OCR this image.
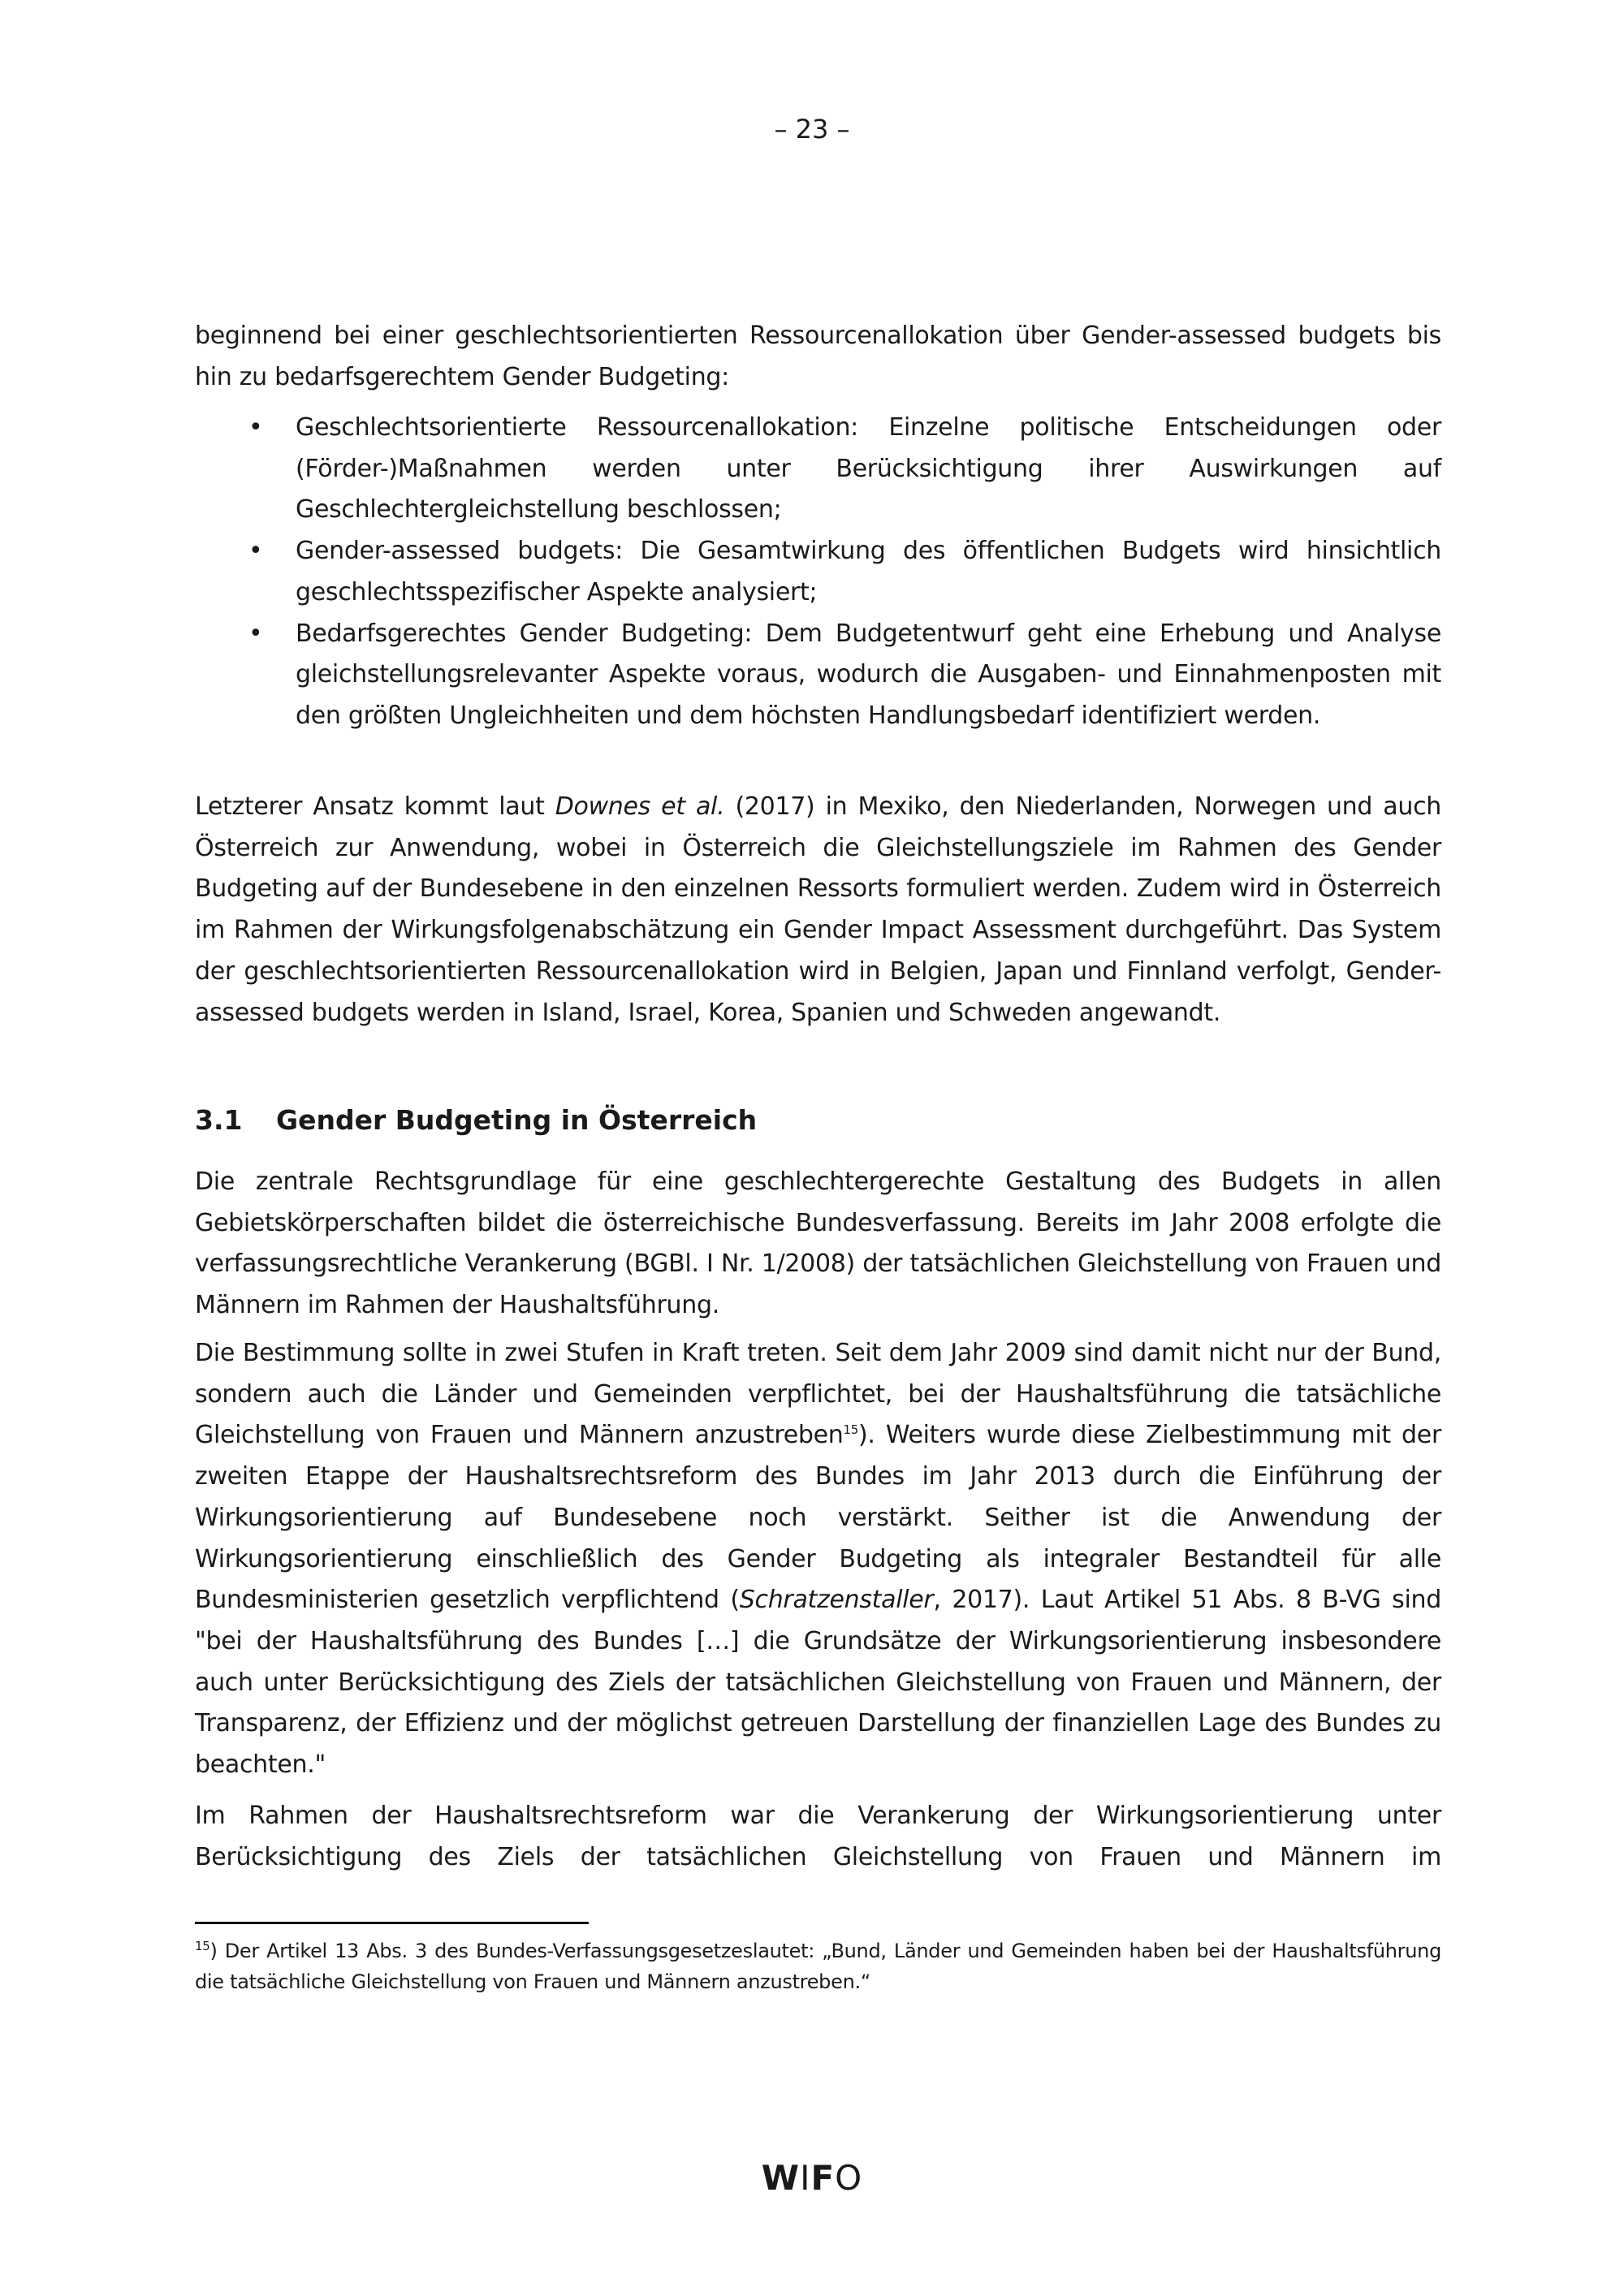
– 23 –

beginnend bei einer geschlechtsorientierten Ressourcenallokation über Gender-assessed budgets bis hin zu bedarfsgerechtem Gender Budgeting:

• Geschlechtsorientierte Ressourcenallokation: Einzelne politische Entscheidungen oder (Förder-)Maßnahmen werden unter Berücksichtigung ihrer Auswirkungen auf Geschlechtergleichstellung beschlossen;
• Gender-assessed budgets: Die Gesamtwirkung des öffentlichen Budgets wird hinsichtlich geschlechtsspezifischer Aspekte analysiert;
• Bedarfsgerechtes Gender Budgeting: Dem Budgetentwurf geht eine Erhebung und Analyse gleichstellungsrelevanter Aspekte voraus, wodurch die Ausgaben- und Einnahmenposten mit den größten Ungleichheiten und dem höchsten Handlungsbedarf identifiziert werden.

Letzterer Ansatz kommt laut Downes et al. (2017) in Mexiko, den Niederlanden, Norwegen und auch Österreich zur Anwendung, wobei in Österreich die Gleichstellungsziele im Rahmen des Gender Budgeting auf der Bundesebene in den einzelnen Ressorts formuliert werden. Zudem wird in Österreich im Rahmen der Wirkungsfolgenabschätzung ein Gender Impact Assessment durchgeführt. Das System der geschlechtsorientierten Ressourcenallokation wird in Belgien, Japan und Finnland verfolgt, Gender-assessed budgets werden in Island, Israel, Korea, Spanien und Schweden angewandt.

3.1 Gender Budgeting in Österreich

Die zentrale Rechtsgrundlage für eine geschlechtergerechte Gestaltung des Budgets in allen Gebietskörperschaften bildet die österreichische Bundesverfassung. Bereits im Jahr 2008 erfolgte die verfassungsrechtliche Verankerung (BGBl. I Nr. 1/2008) der tatsächlichen Gleichstellung von Frauen und Männern im Rahmen der Haushaltsführung.

Die Bestimmung sollte in zwei Stufen in Kraft treten. Seit dem Jahr 2009 sind damit nicht nur der Bund, sondern auch die Länder und Gemeinden verpflichtet, bei der Haushaltsführung die tatsächliche Gleichstellung von Frauen und Männern anzustreben$^{15}$). Weiters wurde diese Zielbestimmung mit der zweiten Etappe der Haushaltsrechtsreform des Bundes im Jahr 2013 durch die Einführung der Wirkungsorientierung auf Bundesebene noch verstärkt. Seither ist die Anwendung der Wirkungsorientierung einschließlich des Gender Budgeting als integraler Bestandteil für alle Bundesministerien gesetzlich verpflichtend (Schratzenstaller, 2017). Laut Artikel 51 Abs. 8 B-VG sind "bei der Haushaltsführung des Bundes […] die Grundsätze der Wirkungsorientierung insbesondere auch unter Berücksichtigung des Ziels der tatsächlichen Gleichstellung von Frauen und Männern, der Transparenz, der Effizienz und der möglichst getreuen Darstellung der finanziellen Lage des Bundes zu beachten."

Im Rahmen der Haushaltsrechtsreform war die Verankerung der Wirkungsorientierung unter Berücksichtigung des Ziels der tatsächlichen Gleichstellung von Frauen und Männern im

$^{15}$) Der Artikel 13 Abs. 3 des Bundes-Verfassungsgesetzeslautet: „Bund, Länder und Gemeinden haben bei der Haushaltsführung die tatsächliche Gleichstellung von Frauen und Männern anzustreben.“

WIFO
